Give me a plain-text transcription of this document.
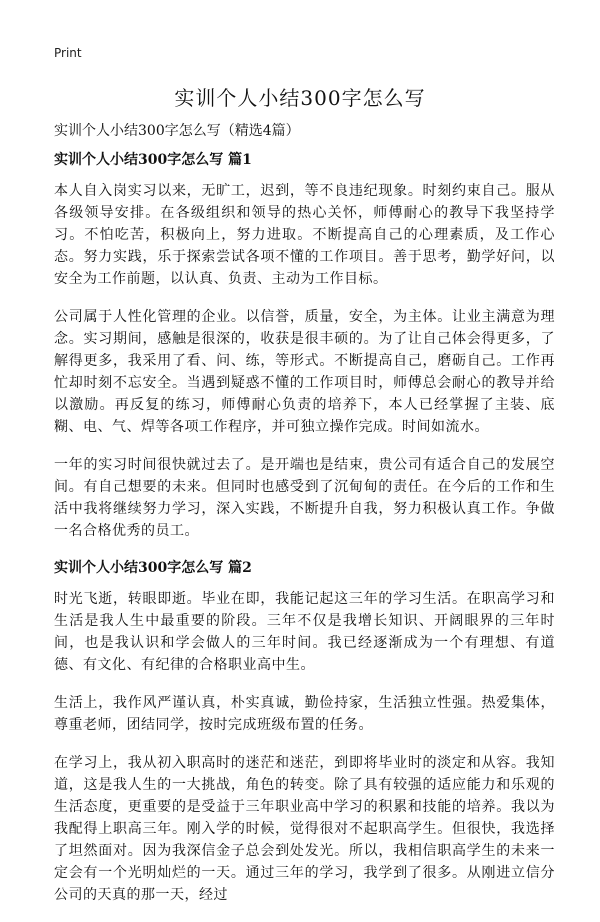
Print
实训个人小结300字怎么写

实训个人小结300字怎么写（精选4篇）

实训个人小结300字怎么写 篇1

本人自入岗实习以来，无旷工，迟到，等不良违纪现象。时刻约束自己。服从各级领导安排。在各级组织和领导的热心关怀，师傅耐心的教导下我坚持学习。不怕吃苦，积极向上，努力进取。不断提高自己的心理素质，及工作心态。努力实践，乐于探索尝试各项不懂的工作项目。善于思考，勤学好问，以安全为工作前题，以认真、负责、主动为工作目标。

公司属于人性化管理的企业。以信誉，质量，安全，为主体。让业主满意为理念。实习期间，感触是很深的，收获是很丰硕的。为了让自己体会得更多，了解得更多，我采用了看、问、练，等形式。不断提高自己，磨砺自己。工作再忙却时刻不忘安全。当遇到疑惑不懂的工作项目时，师傅总会耐心的教导并给以激励。再反复的练习，师傅耐心负责的培养下，本人已经掌握了主装、底糊、电、气、焊等各项工作程序，并可独立操作完成。时间如流水。

一年的实习时间很快就过去了。是开端也是结束，贵公司有适合自己的发展空间。有自己想要的未来。但同时也感受到了沉甸甸的责任。在今后的工作和生活中我将继续努力学习，深入实践，不断提升自我，努力积极认真工作。争做一名合格优秀的员工。

实训个人小结300字怎么写 篇2

时光飞逝，转眼即逝。毕业在即，我能记起这三年的学习生活。在职高学习和生活是我人生中最重要的阶段。三年不仅是我增长知识、开阔眼界的三年时间，也是我认识和学会做人的三年时间。我已经逐渐成为一个有理想、有道德、有文化、有纪律的合格职业高中生。

生活上，我作风严谨认真，朴实真诚，勤俭持家，生活独立性强。热爱集体，尊重老师，团结同学，按时完成班级布置的任务。

在学习上，我从初入职高时的迷茫和迷茫，到即将毕业时的淡定和从容。我知道，这是我人生的一大挑战，角色的转变。除了具有较强的适应能力和乐观的生活态度，更重要的是受益于三年职业高中学习的积累和技能的培养。我以为我配得上职高三年。刚入学的时候，觉得很对不起职高学生。但很快，我选择了坦然面对。因为我深信金子总会到处发光。所以，我相信职高学生的未来一定会有一个光明灿烂的一天。通过三年的学习，我学到了很多。从刚进立信分公司的天真的那一天，经过
